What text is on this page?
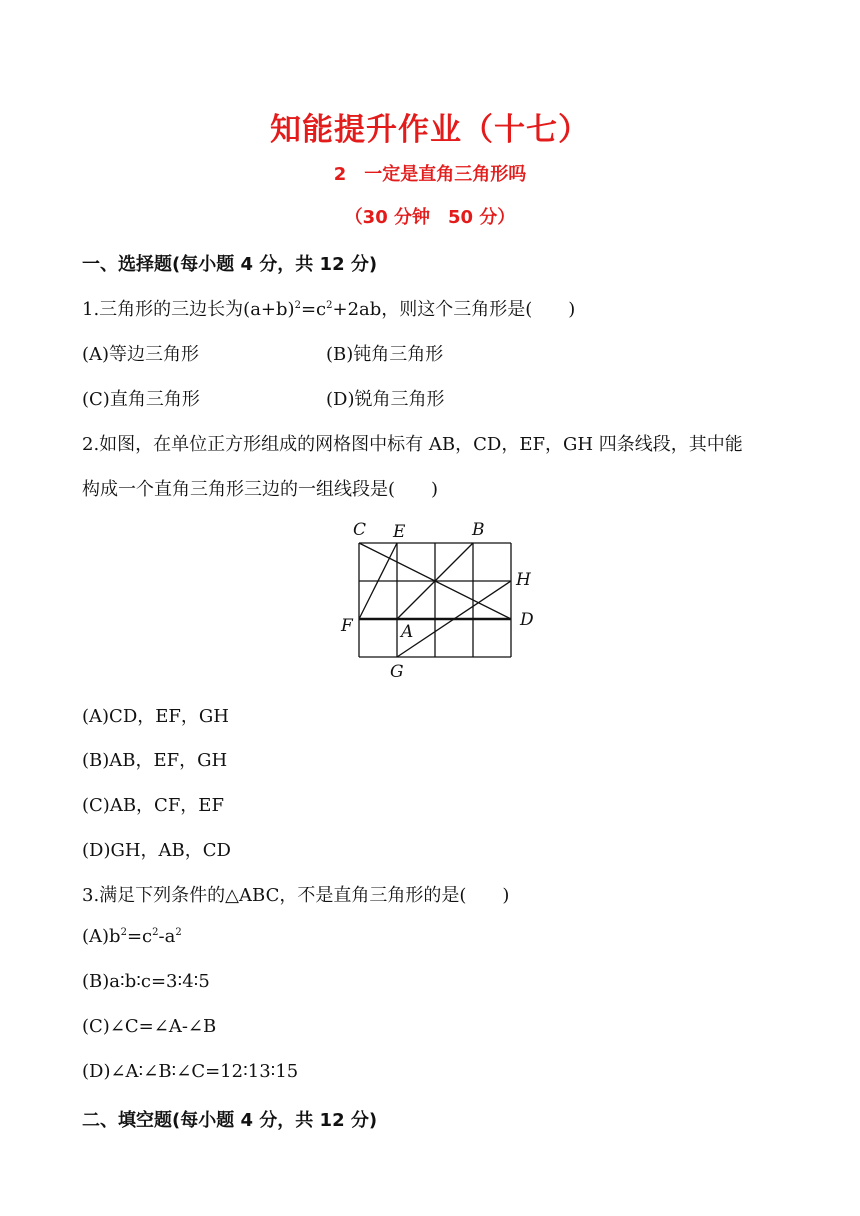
知能提升作业（十七）
2　一定是直角三角形吗
（30 分钟　50 分）
一、选择题(每小题 4 分，共 12 分)
1.三角形的三边长为$(a+b)^2=c^2+2ab$，则这个三角形是(　　)
(A)等边三角形	(B)钝角三角形
(C)直角三角形	(D)锐角三角形
2.如图，在单位正方形组成的网格图中标有 AB，CD，EF，GH 四条线段，其中能
构成一个直角三角形三边的一组线段是(　　)
C E	B
H
F	A
D
G
(A)CD，EF，GH
(B)AB，EF，GH
(C)AB，CF，EF
(D)GH，AB，CD
3.满足下列条件的△ABC，不是直角三角形的是(　　)
$(A)b^2=c^2-a^2$
(B)a∶b∶c=3∶4∶5
(C)∠C=∠A-∠B
(D)∠A∶∠B∶∠C=12∶13∶15
二、填空题(每小题 4 分，共 12 分)
